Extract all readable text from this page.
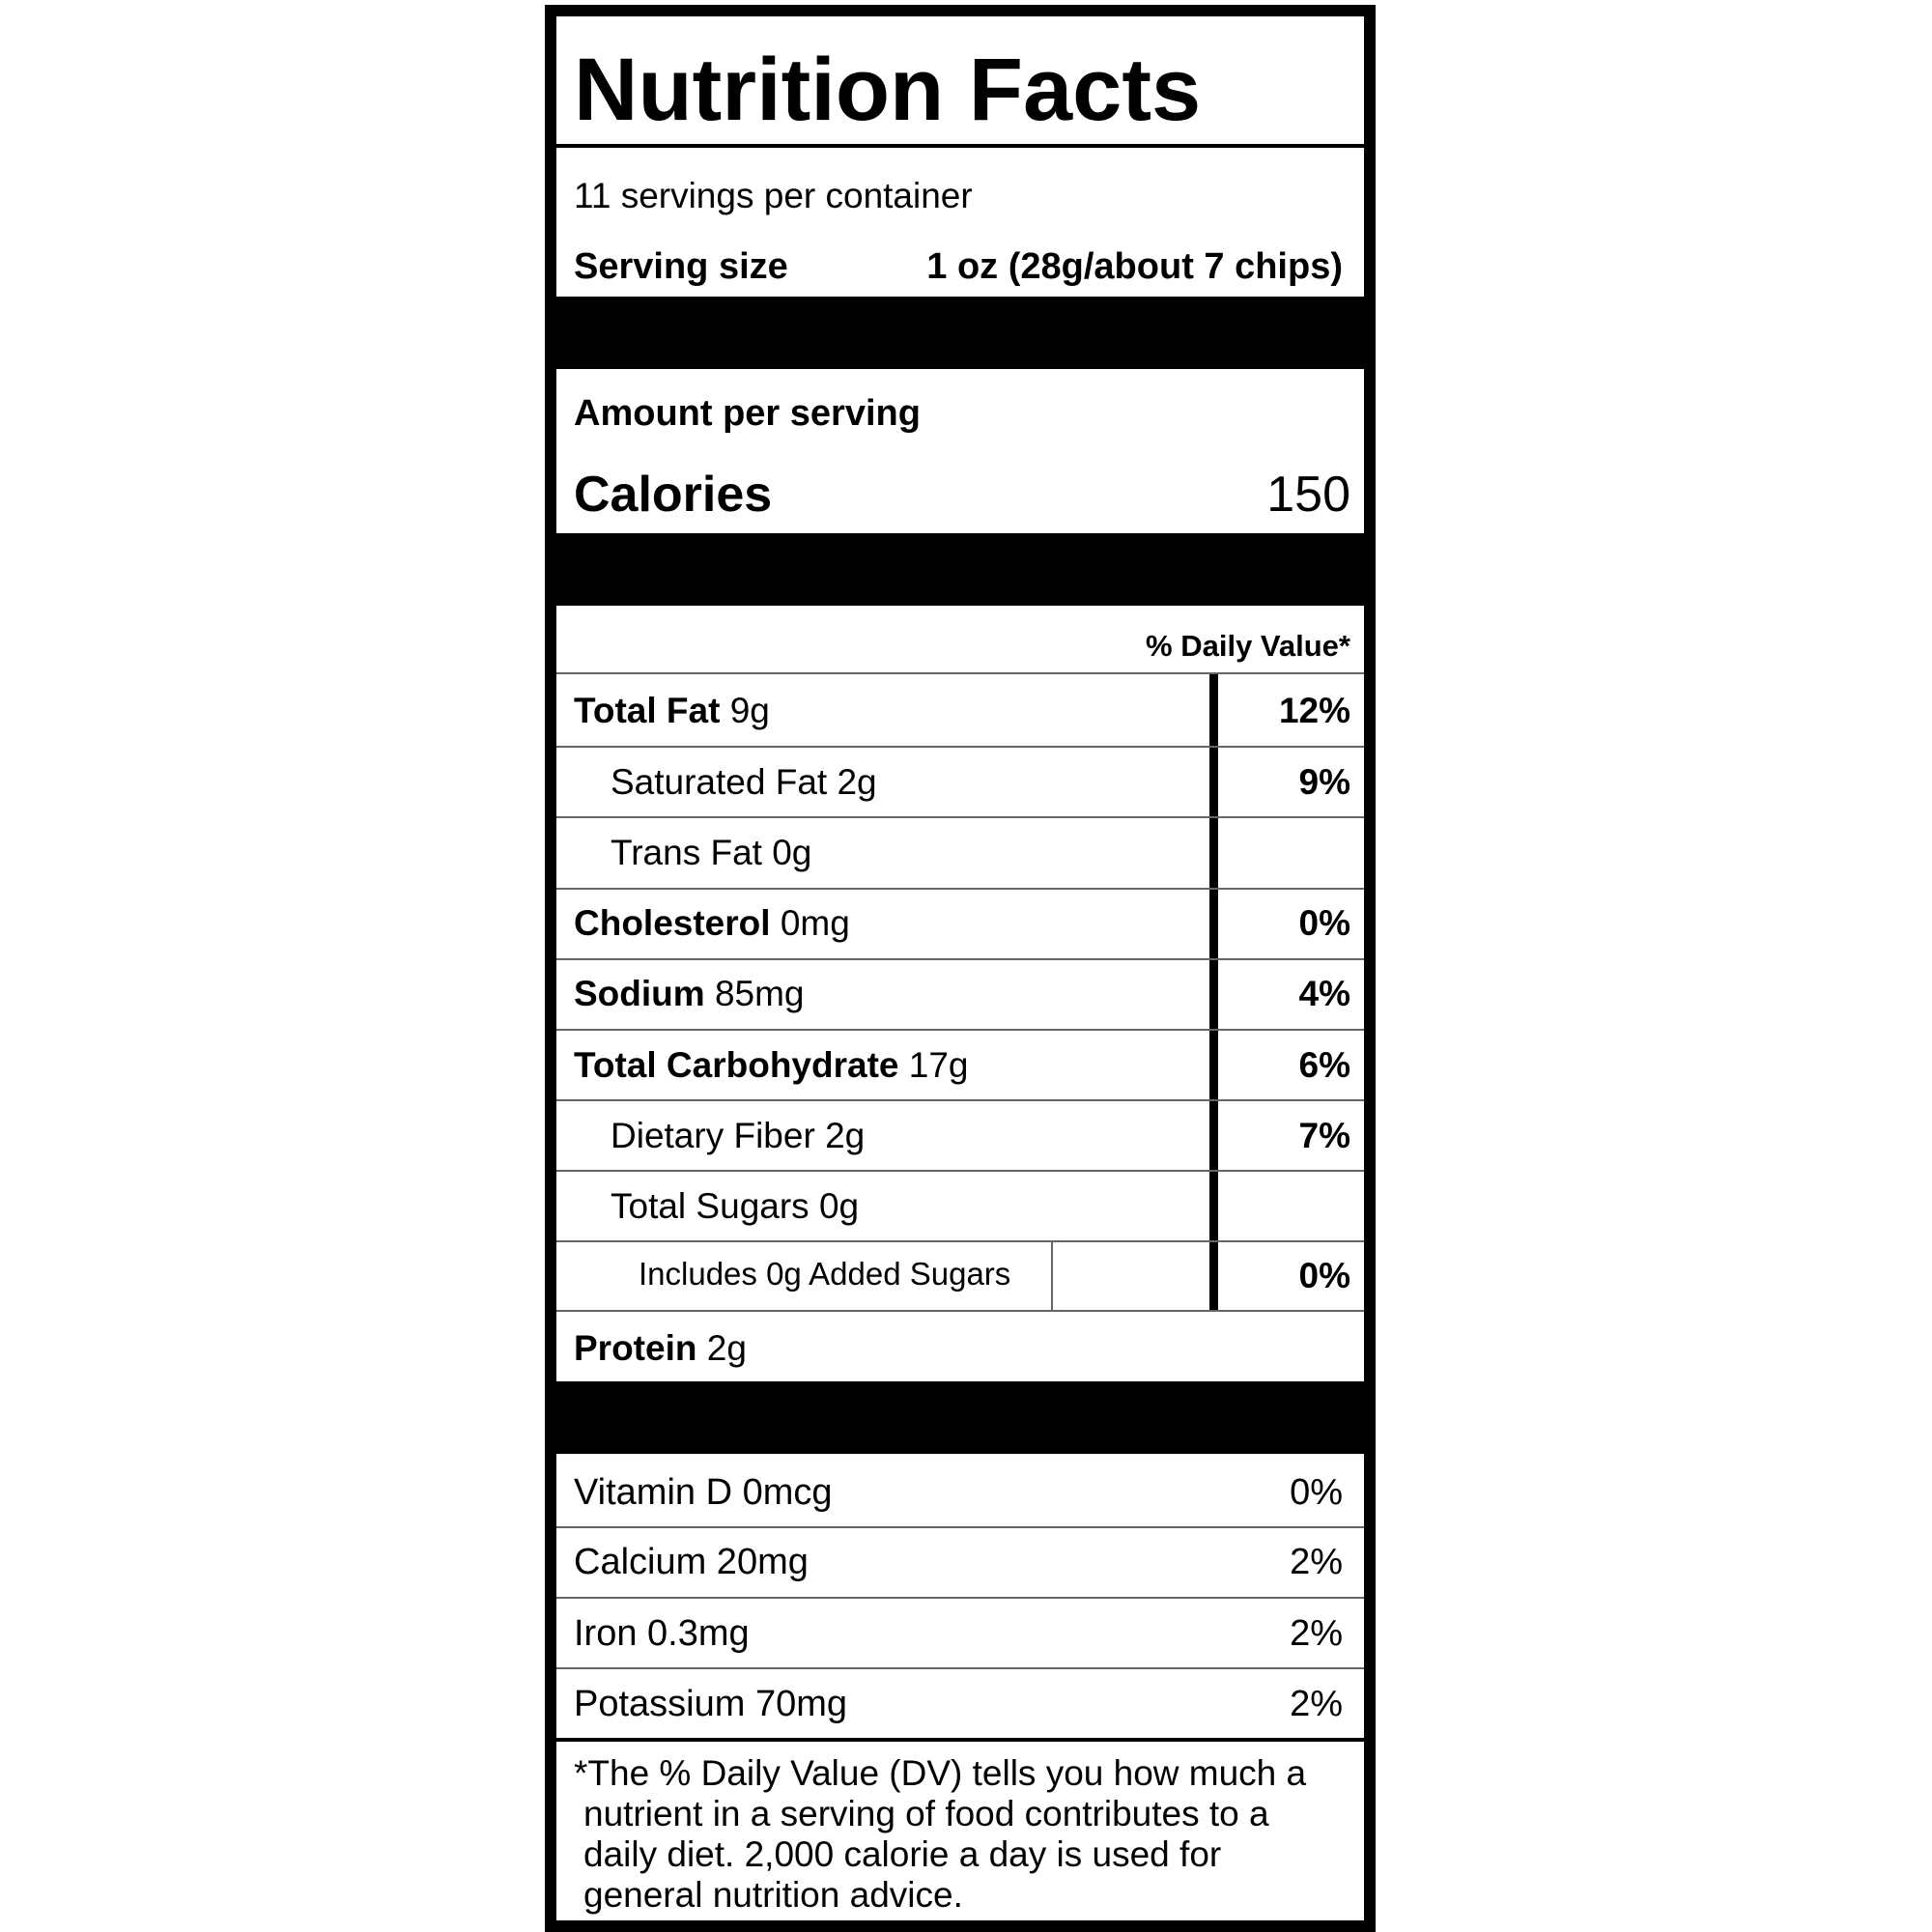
Nutrition Facts
11 servings per container
Serving size	1 oz (28g/about 7 chips)
Amount per serving
Calories	150
% Daily Value*
Total Fat 9g	12%
Saturated Fat 2g	9%
Trans Fat 0g
Cholesterol 0mg	0%
Sodium 85mg	4%
Total Carbohydrate 17g	6%
Dietary Fiber 2g	7%
Total Sugars 0g
Includes 0g Added Sugars	0%
Protein 2g
Vitamin D 0mcg	0%
Calcium 20mg	2%
Iron 0.3mg	2%
Potassium 70mg	2%
*The % Daily Value (DV) tells you how much a
nutrient in a serving of food contributes to a
daily diet. 2,000 calorie a day is used for
general nutrition advice.
